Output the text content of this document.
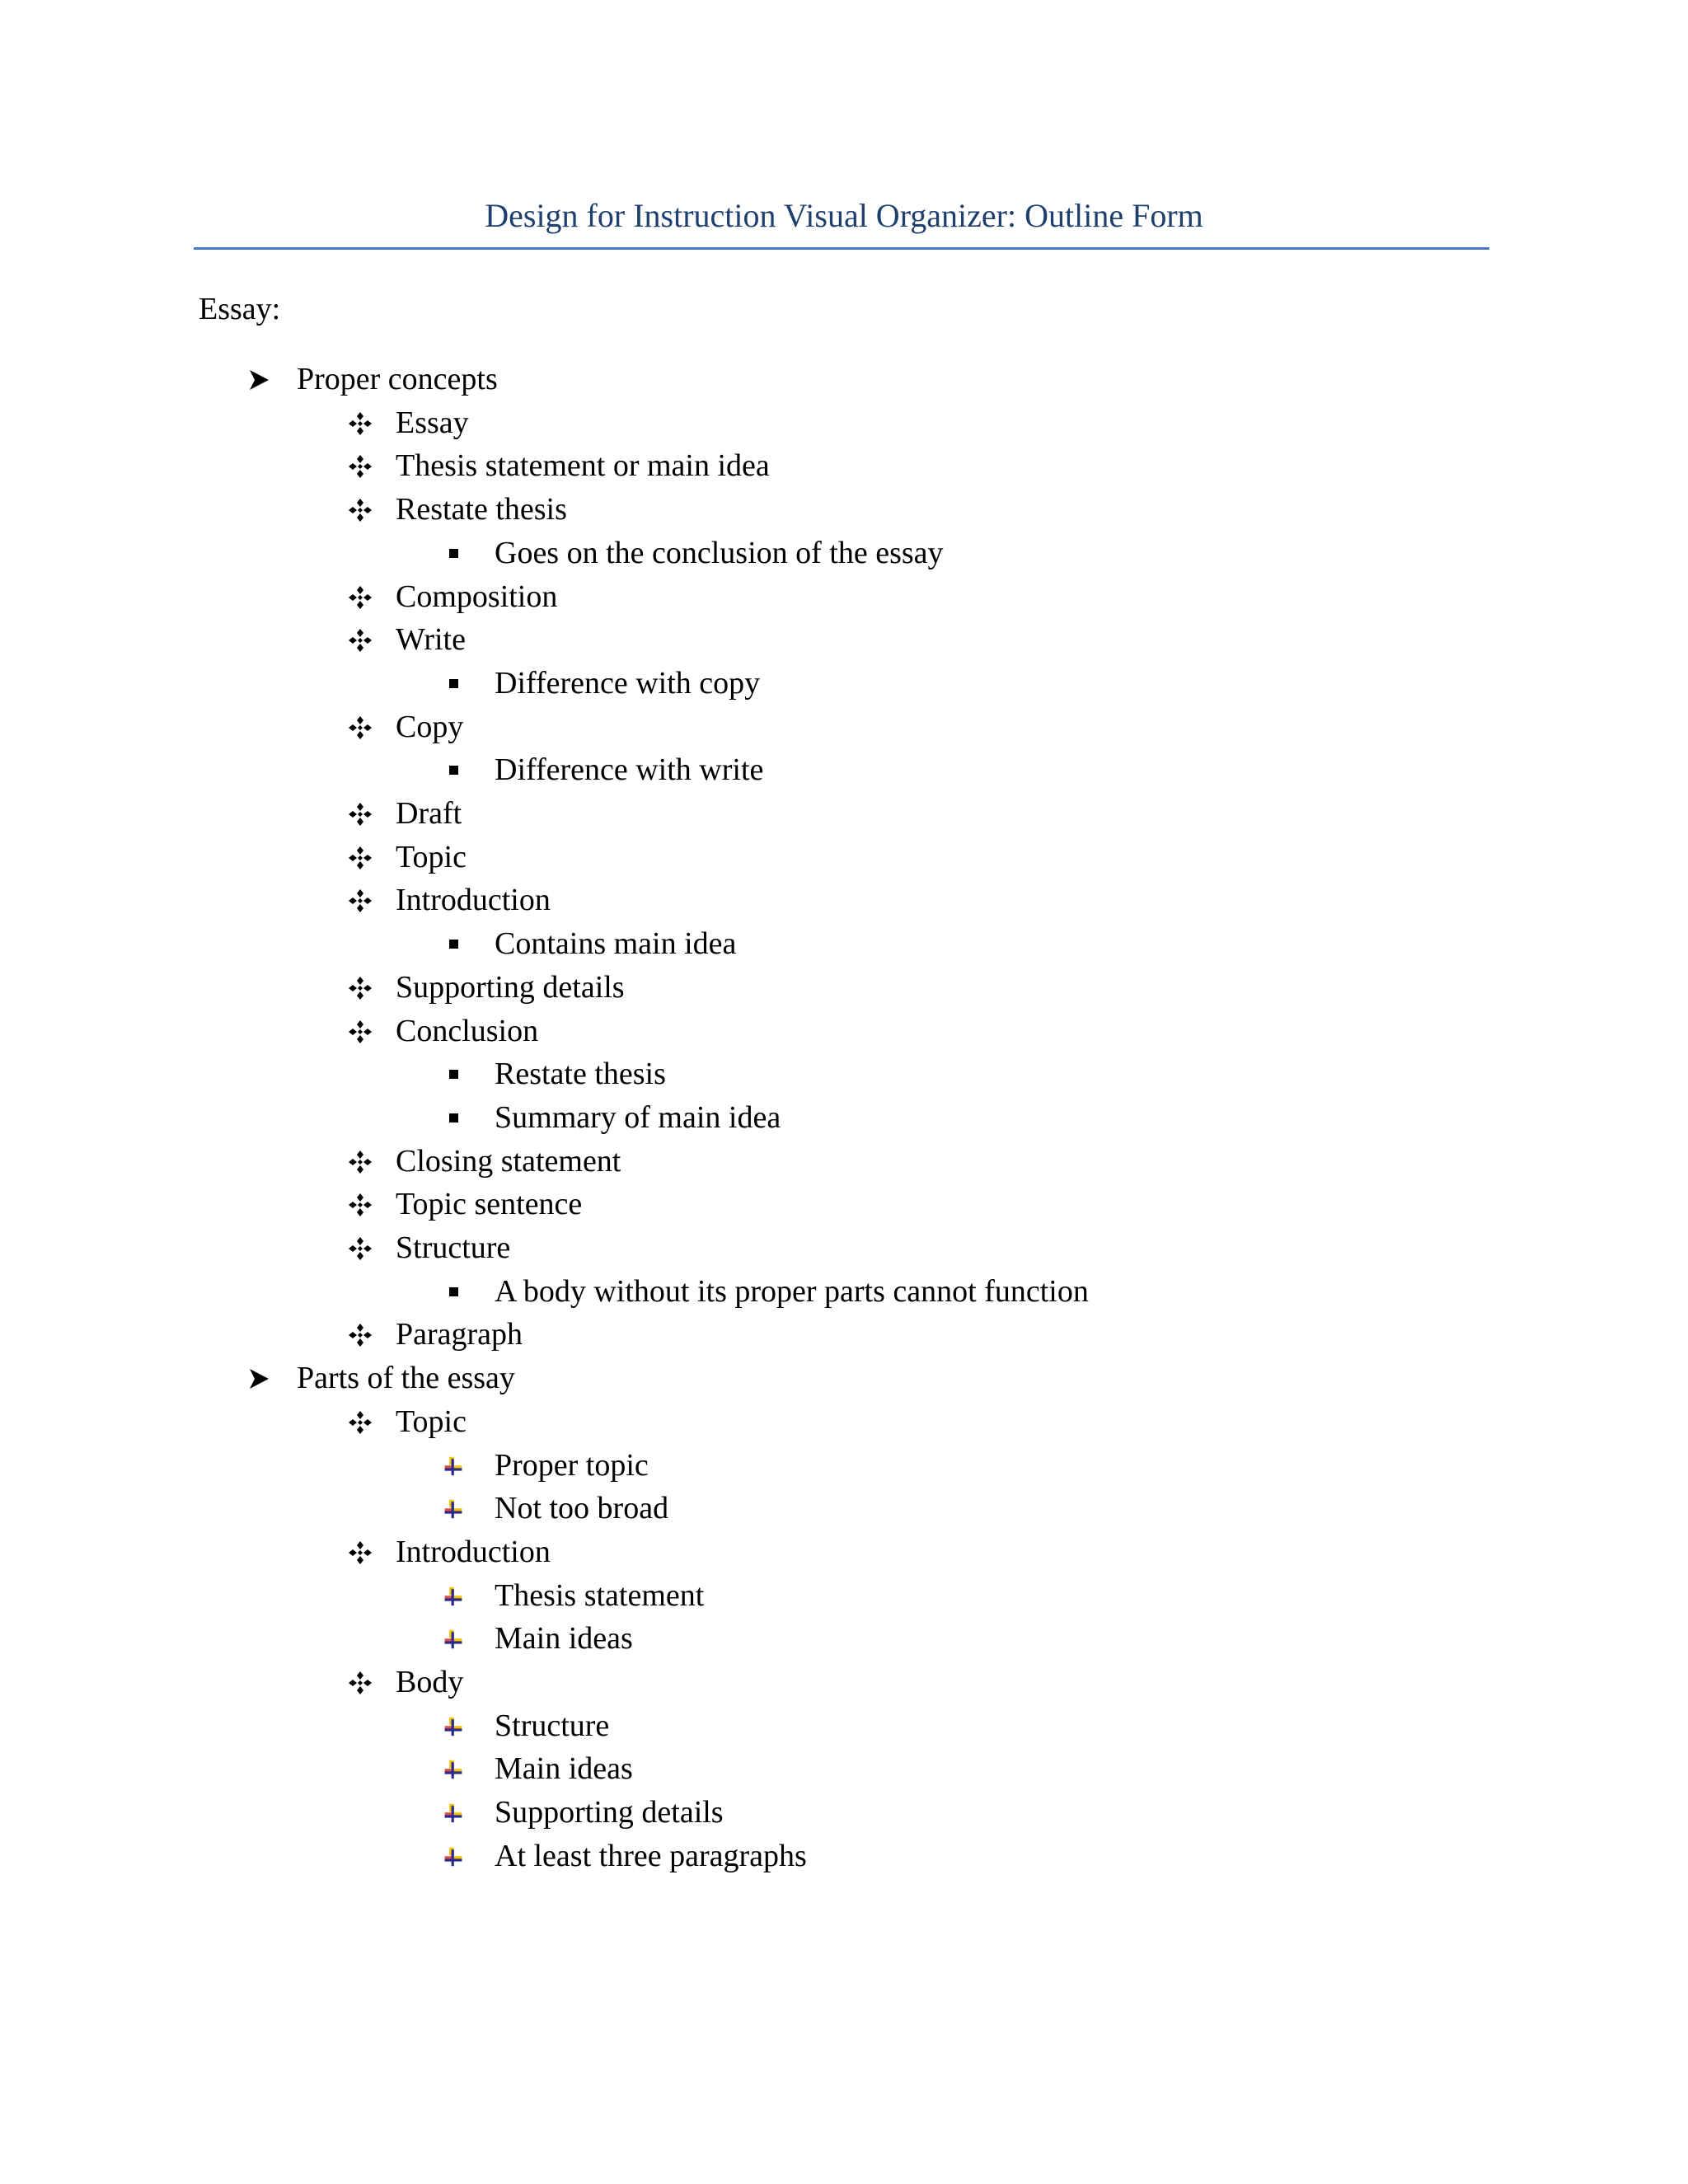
Design for Instruction Visual Organizer: Outline Form
Essay:
Proper concepts
Essay
Thesis statement or main idea
Restate thesis
Goes on the conclusion of the essay
Composition
Write
Difference with copy
Copy
Difference with write
Draft
Topic
Introduction
Contains main idea
Supporting details
Conclusion
Restate thesis
Summary of main idea
Closing statement
Topic sentence
Structure
A body without its proper parts cannot function
Paragraph
Parts of the essay
Topic
Proper topic
Not too broad
Introduction
Thesis statement
Main ideas
Body
Structure
Main ideas
Supporting details
At least three paragraphs
